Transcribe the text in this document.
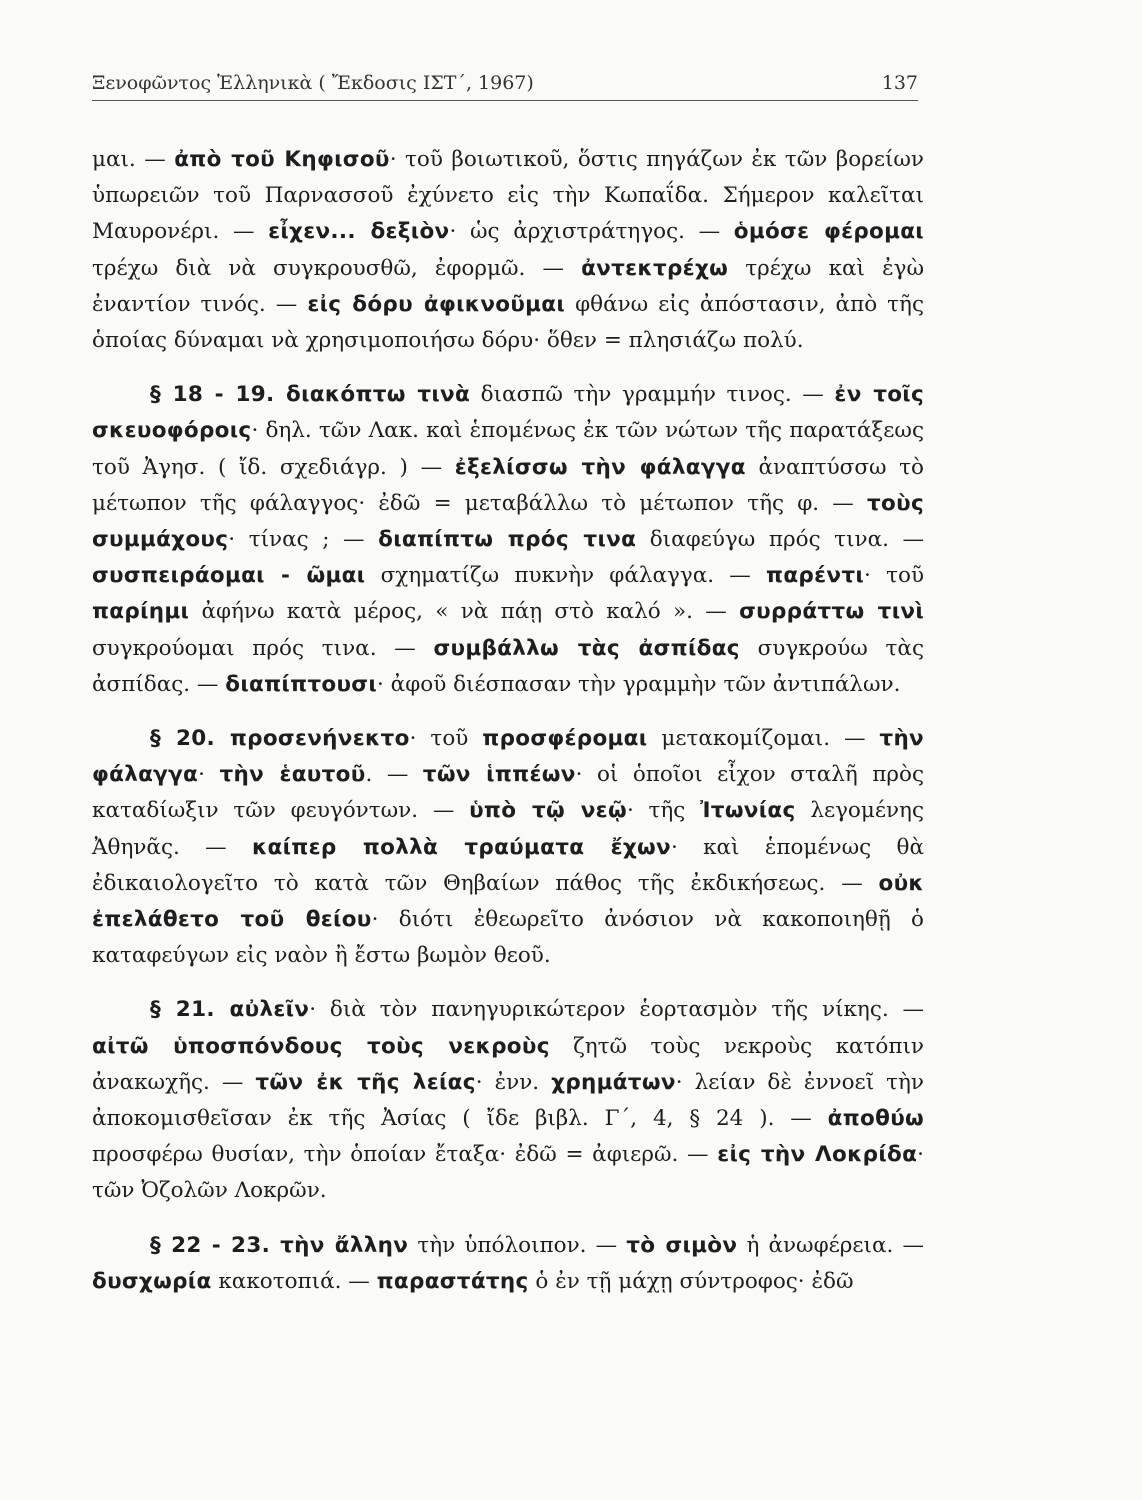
Ξενοφῶντος Ἑλληνικὰ ( Ἔκδοσις ΙΣΤ΄, 1967)	137

μαι. — ἀπὸ τοῦ Κηφισοῦ· τοῦ βοιωτικοῦ, ὅστις πηγάζων ἐκ τῶν βορείων ὑπωρειῶν τοῦ Παρνασσοῦ ἐχύνετο εἰς τὴν Κωπαΐδα. Σήμερον καλεῖται Μαυρονέρι. — εἶχεν... δεξιὸν· ὡς ἀρχιστράτηγος. — ὁμόσε φέρομαι τρέχω διὰ νὰ συγκρουσθῶ, ἐφορμῶ. — ἀντεκτρέχω τρέχω καὶ ἐγὼ ἐναντίον τινός. — εἰς δόρυ ἀφικνοῦμαι φθάνω εἰς ἀπόστασιν, ἀπὸ τῆς ὁποίας δύναμαι νὰ χρησιμοποιήσω δόρυ· ὅθεν = πλησιάζω πολύ.

§ 18 - 19. διακόπτω τινὰ διασπῶ τὴν γραμμήν τινος. — ἐν τοῖς σκευοφόροις· δηλ. τῶν Λακ. καὶ ἑπομένως ἐκ τῶν νώτων τῆς παρατάξεως τοῦ Ἀγησ. ( ἴδ. σχεδιάγρ. ) — ἐξελίσσω τὴν φάλαγγα ἀναπτύσσω τὸ μέτωπον τῆς φάλαγγος· ἐδῶ = μεταβάλλω τὸ μέτωπον τῆς φ. — τοὺς συμμάχους· τίνας ; — διαπίπτω πρός τινα διαφεύγω πρός τινα. — συσπειράομαι - ῶμαι σχηματίζω πυκνὴν φάλαγγα. — παρέντι· τοῦ παρίημι ἀφήνω κατὰ μέρος, « νὰ πάῃ στὸ καλό ». — συρράττω τινὶ συγκρούομαι πρός τινα. — συμβάλλω τὰς ἀσπίδας συγκρούω τὰς ἀσπίδας. — διαπίπτουσι· ἀφοῦ διέσπασαν τὴν γραμμὴν τῶν ἀντιπάλων.

§ 20. προσενήνεκτο· τοῦ προσφέρομαι μετακομίζομαι. — τὴν φάλαγγα· τὴν ἑαυτοῦ. — τῶν ἱππέων· οἱ ὁποῖοι εἶχον σταλῆ πρὸς καταδίωξιν τῶν φευγόντων. — ὑπὸ τῷ νεῷ· τῆς Ἰτωνίας λεγομένης Ἀθηνᾶς. — καίπερ πολλὰ τραύματα ἔχων· καὶ ἑπομένως θὰ ἐδικαιολογεῖτο τὸ κατὰ τῶν Θηβαίων πάθος τῆς ἐκδικήσεως. — οὐκ ἐπελάθετο τοῦ θείου· διότι ἐθεωρεῖτο ἀνόσιον νὰ κακοποιηθῇ ὁ καταφεύγων εἰς ναὸν ἢ ἔστω βωμὸν θεοῦ.

§ 21. αὐλεῖν· διὰ τὸν πανηγυρικώτερον ἑορτασμὸν τῆς νίκης. — αἰτῶ ὑποσπόνδους τοὺς νεκροὺς ζητῶ τοὺς νεκροὺς κατόπιν ἀνακωχῆς. — τῶν ἐκ τῆς λείας· ἐνν. χρημάτων· λείαν δὲ ἐννοεῖ τὴν ἀποκομισθεῖσαν ἐκ τῆς Ἀσίας ( ἴδε βιβλ. Γ΄, 4, § 24 ). — ἀποθύω προσφέρω θυσίαν, τὴν ὁποίαν ἔταξα· ἐδῶ = ἀφιερῶ. — εἰς τὴν Λοκρίδα· τῶν Ὀζολῶν Λοκρῶν.

§ 22 - 23. τὴν ἄλλην τὴν ὑπόλοιπον. — τὸ σιμὸν ἡ ἀνωφέρεια. — δυσχωρία κακοτοπιά. — παραστάτης ὁ ἐν τῇ μάχῃ σύντροφος· ἐδῶ
